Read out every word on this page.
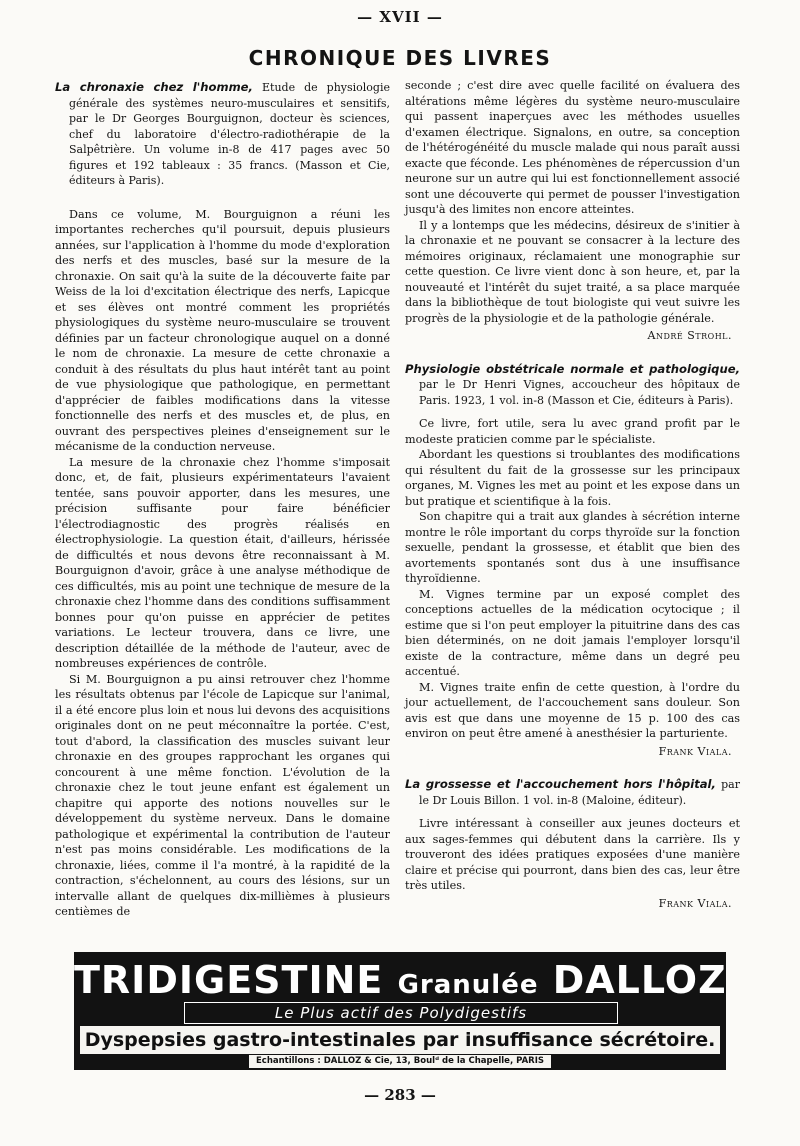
— XVII —
CHRONIQUE DES LIVRES
La chronaxie chez l'homme, Etude de physiologie générale des systèmes neuro-musculaires et sensitifs, par le Dr Georges Bourguignon, docteur ès sciences, chef du laboratoire d'électro-radiothérapie de la Salpêtrière. Un volume in-8 de 417 pages avec 50 figures et 192 tableaux : 35 francs. (Masson et Cie, éditeurs à Paris).

Dans ce volume, M. Bourguignon a réuni les importantes recherches qu'il poursuit, depuis plusieurs années, sur l'application à l'homme du mode d'exploration des nerfs et des muscles, basé sur la mesure de la chronaxie. On sait qu'à la suite de la découverte faite par Weiss de la loi d'excitation électrique des nerfs, Lapicque et ses élèves ont montré comment les propriétés physiologiques du système neuro-musculaire se trouvent définies par un facteur chronologique auquel on a donné le nom de chronaxie. La mesure de cette chronaxie a conduit à des résultats du plus haut intérêt tant au point de vue physiologique que pathologique, en permettant d'apprécier de faibles modifications dans la vitesse fonctionnelle des nerfs et des muscles et, de plus, en ouvrant des perspectives pleines d'enseignement sur le mécanisme de la conduction nerveuse.

La mesure de la chronaxie chez l'homme s'imposait donc, et, de fait, plusieurs expérimentateurs l'avaient tentée, sans pouvoir apporter, dans les mesures, une précision suffisante pour faire bénéficier l'électrodiagnostic des progrès réalisés en électrophysiologie. La question était, d'ailleurs, hérissée de difficultés et nous devons être reconnaissant à M. Bourguignon d'avoir, grâce à une analyse méthodique de ces difficultés, mis au point une technique de mesure de la chronaxie chez l'homme dans des conditions suffisamment bonnes pour qu'on puisse en apprécier de petites variations. Le lecteur trouvera, dans ce livre, une description détaillée de la méthode de l'auteur, avec de nombreuses expériences de contrôle.

Si M. Bourguignon a pu ainsi retrouver chez l'homme les résultats obtenus par l'école de Lapicque sur l'animal, il a été encore plus loin et nous lui devons des acquisitions originales dont on ne peut méconnaître la portée. C'est, tout d'abord, la classification des muscles suivant leur chronaxie en des groupes rapprochant les organes qui concourent à une même fonction. L'évolution de la chronaxie chez le tout jeune enfant est également un chapitre qui apporte des notions nouvelles sur le développement du système nerveux. Dans le domaine pathologique et expérimental la contribution de l'auteur n'est pas moins considérable. Les modifications de la chronaxie, liées, comme il l'a montré, à la rapidité de la contraction, s'échelonnent, au cours des lésions, sur un intervalle allant de quelques dix-millièmes à plusieurs centièmes de

seconde ; c'est dire avec quelle facilité on évaluera des altérations même légères du système neuro-musculaire qui passent inaperçues avec les méthodes usuelles d'examen électrique. Signalons, en outre, sa conception de l'hétérogénéité du muscle malade qui nous paraît aussi exacte que féconde. Les phénomènes de répercussion d'un neurone sur un autre qui lui est fonctionnellement associé sont une découverte qui permet de pousser l'investigation jusqu'à des limites non encore atteintes.

Il y a lontemps que les médecins, désireux de s'initier à la chronaxie et ne pouvant se consacrer à la lecture des mémoires originaux, réclamaient une monographie sur cette question. Ce livre vient donc à son heure, et, par la nouveauté et l'intérêt du sujet traité, a sa place marquée dans la bibliothèque de tout biologiste qui veut suivre les progrès de la physiologie et de la pathologie générale.

André Strohl.
Physiologie obstétricale normale et pathologique, par le Dr Henri Vignes, accoucheur des hôpitaux de Paris. 1923, 1 vol. in-8 (Masson et Cie, éditeurs à Paris).

Ce livre, fort utile, sera lu avec grand profit par le modeste praticien comme par le spécialiste.

Abordant les questions si troublantes des modifications qui résultent du fait de la grossesse sur les principaux organes, M. Vignes les met au point et les expose dans un but pratique et scientifique à la fois.

Son chapitre qui a trait aux glandes à sécrétion interne montre le rôle important du corps thyroïde sur la fonction sexuelle, pendant la grossesse, et établit que bien des avortements spontanés sont dus à une insuffisance thyroïdienne.

M. Vignes termine par un exposé complet des conceptions actuelles de la médication ocytocique ; il estime que si l'on peut employer la pituitrine dans des cas bien déterminés, on ne doit jamais l'employer lorsqu'il existe de la contracture, même dans un degré peu accentué.

M. Vignes traite enfin de cette question, à l'ordre du jour actuellement, de l'accouchement sans douleur. Son avis est que dans une moyenne de 15 p. 100 des cas environ on peut être amené à anesthésier la parturiente.

Frank Viala.
La grossesse et l'accouchement hors l'hôpital, par le Dr Louis Billon. 1 vol. in-8 (Maloine, éditeur).

Livre intéressant à conseiller aux jeunes docteurs et aux sages-femmes qui débutent dans la carrière. Ils y trouveront des idées pratiques exposées d'une manière claire et précise qui pourront, dans bien des cas, leur être très utiles.

Frank Viala.
TRIDIGESTINE Granulée DALLOZ
Le Plus actif des Polydigestifs
Dyspepsies gastro-intestinales par insuffisance sécrétoire.
Echantillons : DALLOZ & Cie, 13, Boulᵈ de la Chapelle, PARIS
— 283 —
